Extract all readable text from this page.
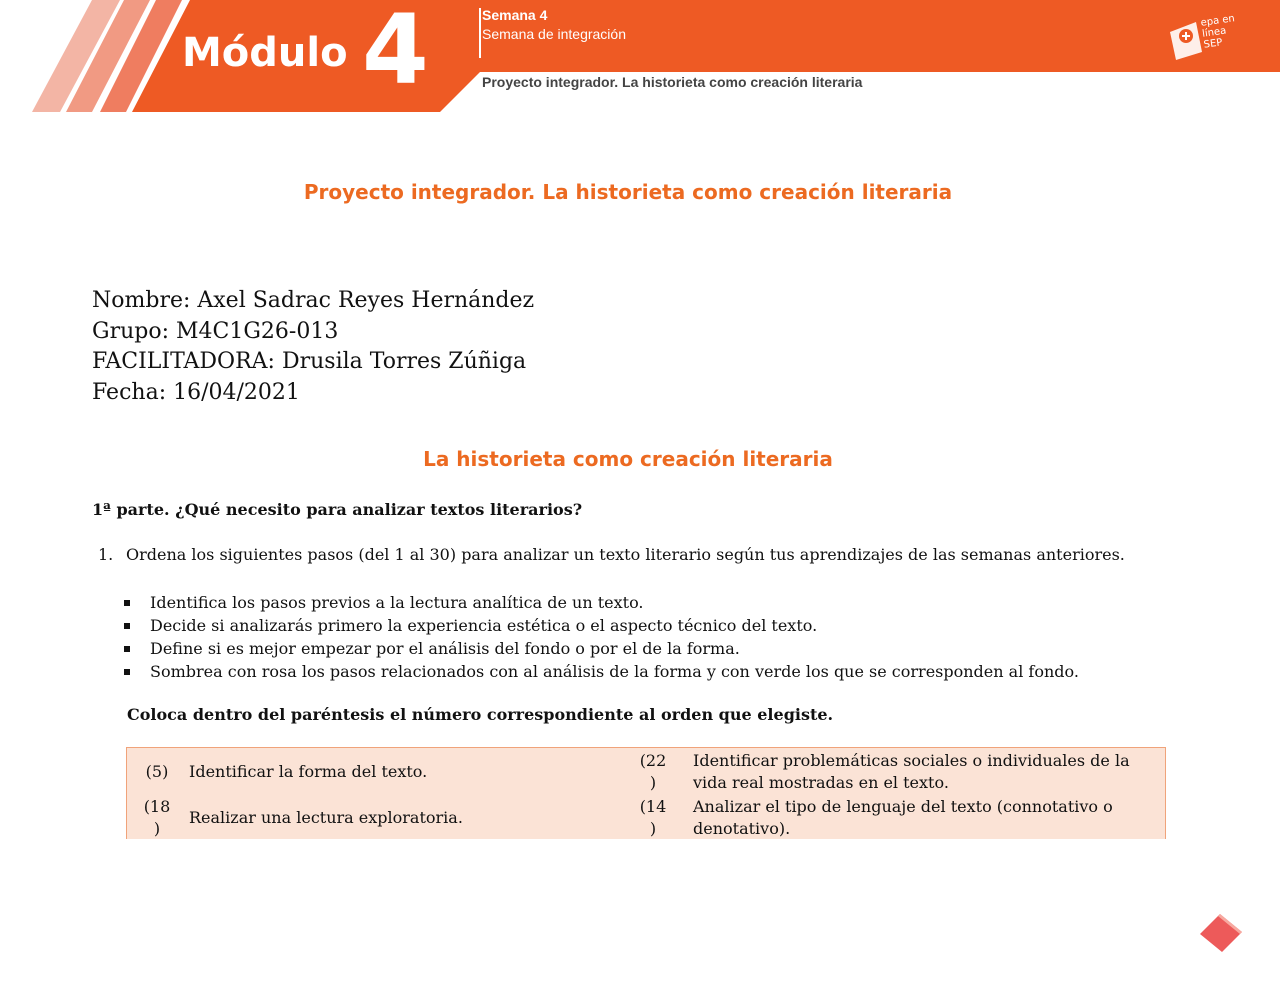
Módulo 4	Semana 4
Semana de integración
Proyecto integrador. La historieta como creación literaria
epa en
línea
SEP
Proyecto integrador. La historieta como creación literaria
Nombre: Axel Sadrac Reyes Hernández
Grupo: M4C1G26-013
FACILITADORA: Drusila Torres Zúñiga
Fecha: 16/04/2021
La historieta como creación literaria
1ª parte. ¿Qué necesito para analizar textos literarios?
1. Ordena los siguientes pasos (del 1 al 30) para analizar un texto literario según tus aprendizajes de las semanas anteriores.
Identifica los pasos previos a la lectura analítica de un texto.
Decide si analizarás primero la experiencia estética o el aspecto técnico del texto.
Define si es mejor empezar por el análisis del fondo o por el de la forma.
Sombrea con rosa los pasos relacionados con al análisis de la forma y con verde los que se corresponden al fondo.
Coloca dentro del paréntesis el número correspondiente al orden que elegiste.
(5)	Identificar la forma del texto.
(22
)
Identificar problemáticas sociales o individuales de la
vida real mostradas en el texto.
(18
)
Realizar una lectura exploratoria.
(14
)
Analizar el tipo de lenguaje del texto (connotativo o
denotativo).
